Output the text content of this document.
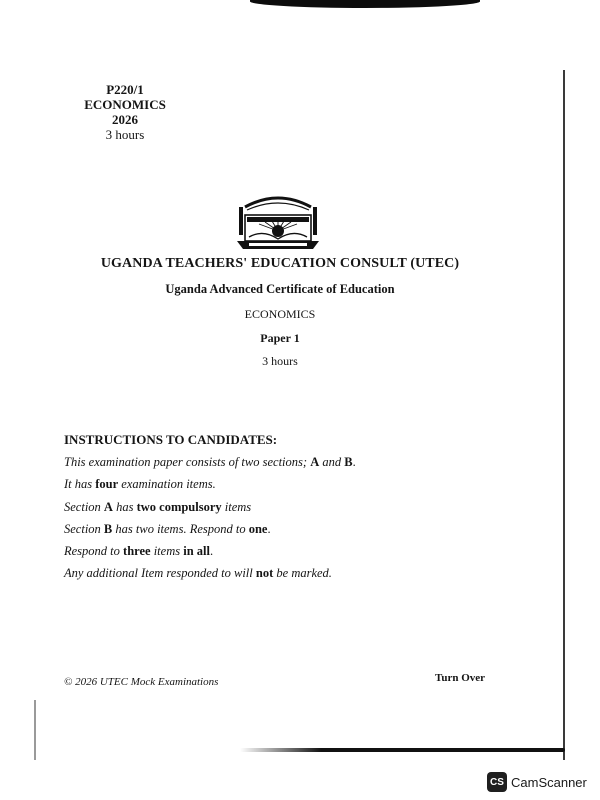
P220/1
ECONOMICS
2026
3 hours
UGANDA TEACHERS' EDUCATION CONSULT (UTEC)
Uganda Advanced Certificate of Education
ECONOMICS
Paper 1
3 hours
INSTRUCTIONS TO CANDIDATES:
This examination paper consists of two sections; A and B.
It has four examination items.
Section A has two compulsory items
Section B has two items. Respond to one.
Respond to three items in all.
Any additional Item responded to will not be marked.
© 2026 UTEC Mock Examinations	Turn Over
CS CamScanner
